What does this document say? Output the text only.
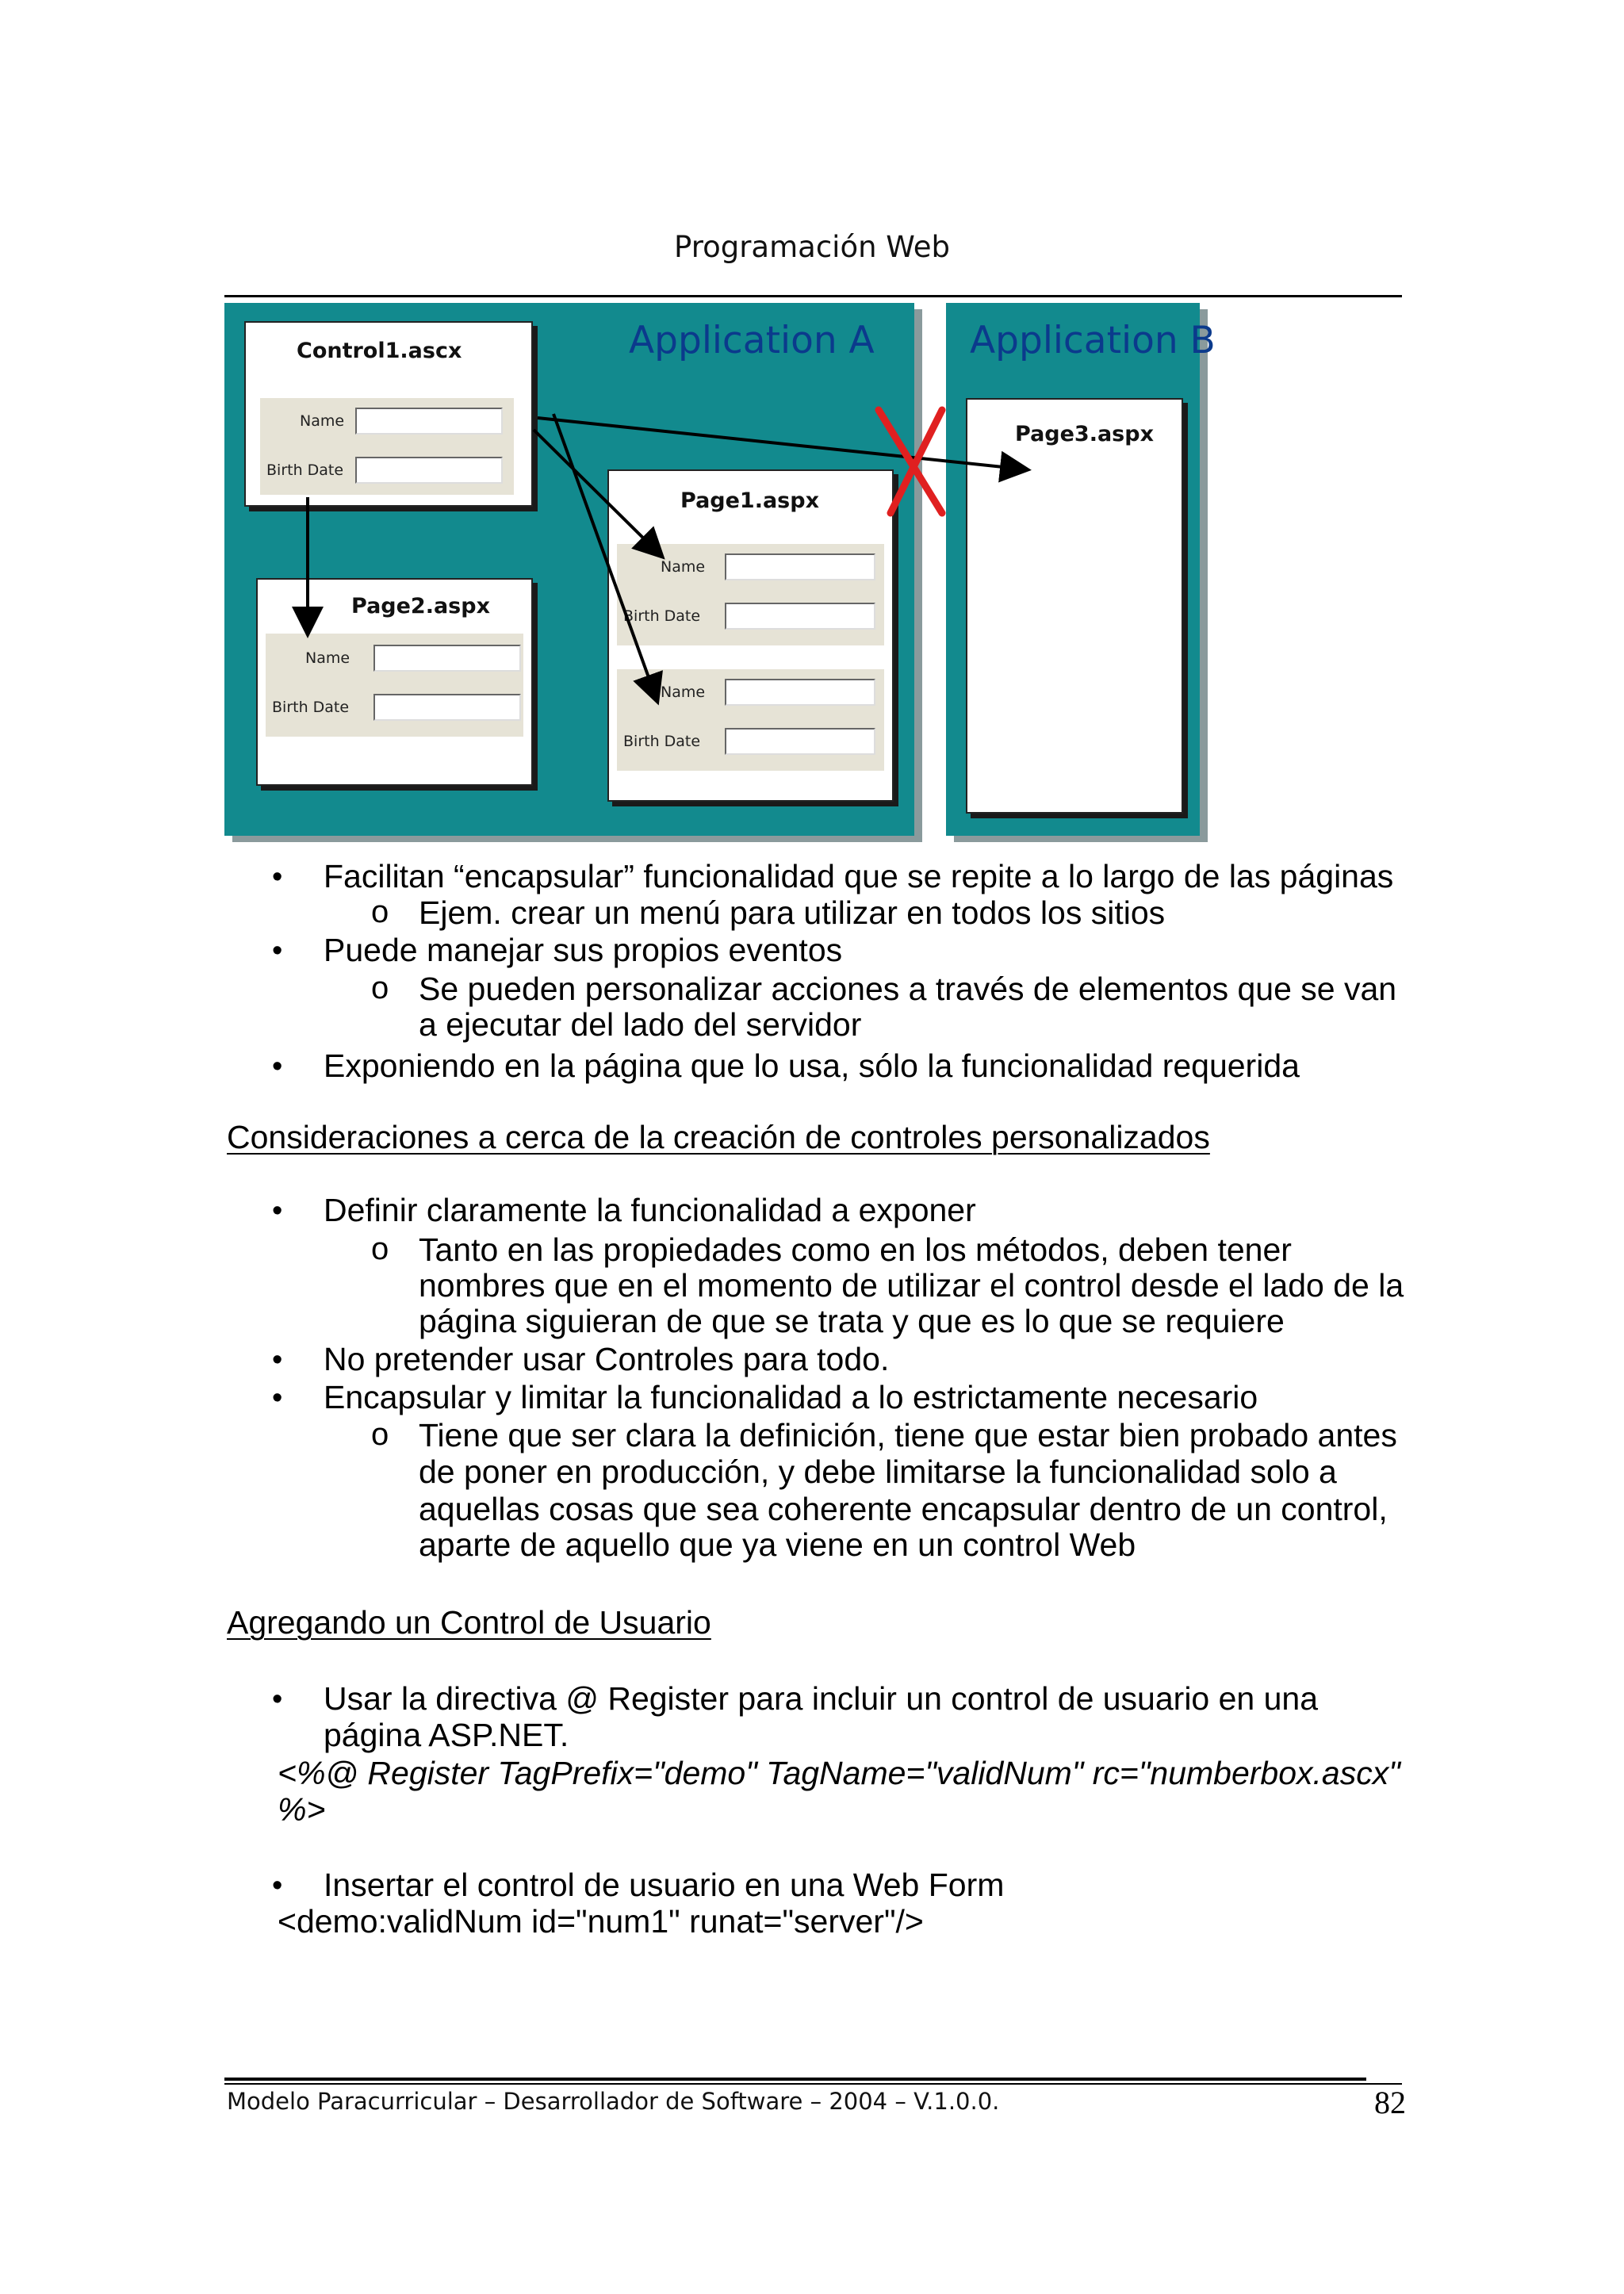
Programación Web
Application A	Application B
Control1.ascx
Name
Birth Date
Page2.aspx
Name
Birth Date
Page1.aspx
Name
Birth Date
Name
Birth Date
Page3.aspx
• Facilitan “encapsular” funcionalidad que se repite a lo largo de las páginas
o Ejem. crear un menú para utilizar en todos los sitios
• Puede manejar sus propios eventos
o Se pueden personalizar acciones a través de elementos que se van
a ejecutar del lado del servidor
• Exponiendo en la página que lo usa, sólo la funcionalidad requerida
Consideraciones a cerca de la creación de controles personalizados
• Definir claramente la funcionalidad a exponer
o Tanto en las propiedades como en los métodos, deben tener
nombres que en el momento de utilizar el control desde el lado de la
página siguieran de que se trata y que es lo que se requiere
• No pretender usar Controles para todo.
• Encapsular y limitar la funcionalidad a lo estrictamente necesario
o Tiene que ser clara la definición, tiene que estar bien probado antes
de poner en producción, y debe limitarse la funcionalidad solo a
aquellas cosas que sea coherente encapsular dentro de un control,
aparte de aquello que ya viene en un control Web
Agregando un Control de Usuario
• Usar la directiva @ Register para incluir un control de usuario en una
página ASP.NET.
<%@ Register TagPrefix="demo" TagName="validNum" rc="numberbox.ascx"
%>
• Insertar el control de usuario en una Web Form
<demo:validNum id="num1" runat="server"/>
Modelo Paracurricular – Desarrollador de Software – 2004 – V.1.0.0.	82
